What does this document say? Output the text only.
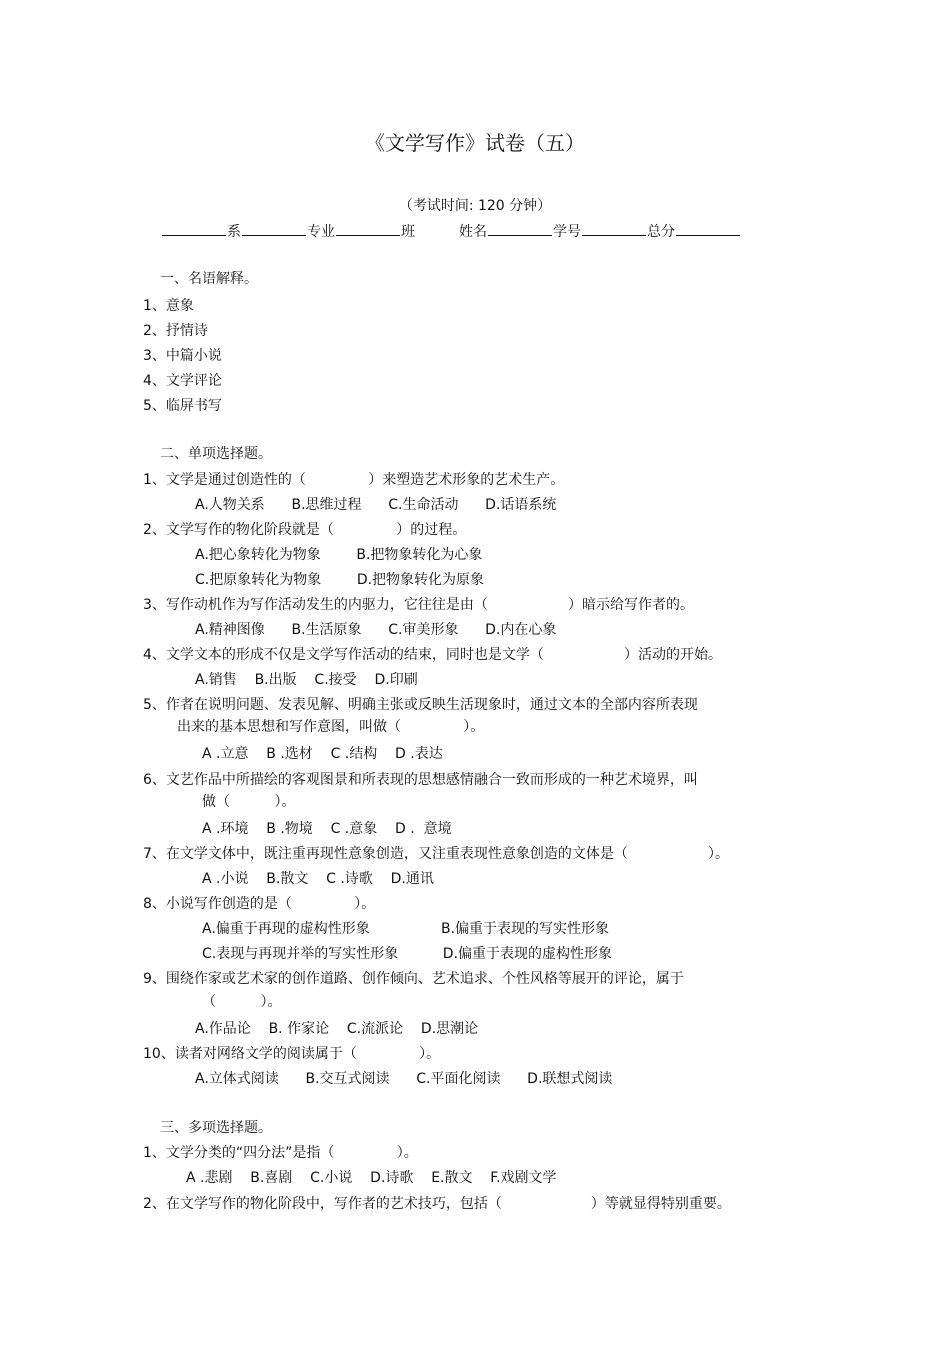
《文学写作》试卷（五）
（考试时间: 120 分钟）
系	专业	班	姓名	学号	总分
一、名语解释。
1、意象
2、抒情诗
3、中篇小说
4、文学评论
5、临屏书写
二、单项选择题。
1、文学是通过创造性的（              ）来塑造艺术形象的艺术生产。
A.人物关系      B.思维过程      C.生命活动      D.话语系统
2、文学写作的物化阶段就是（              ）的过程。
A.把心象转化为物象        B.把物象转化为心象
C.把原象转化为物象        D.把物象转化为原象
3、写作动机作为写作活动发生的内驱力，它往往是由（                  ）暗示给写作者的。
A.精神图像      B.生活原象      C.审美形象      D.内在心象
4、文学文本的形成不仅是文学写作活动的结束，同时也是文学（                  ）活动的开始。
A.销售    B.出版    C.接受    D.印刷
5、作者在说明问题、发表见解、明确主张或反映生活现象时，通过文本的全部内容所表现
出来的基本思想和写作意图，叫做（              ）。
A .立意    B .选材    C .结构    D .表达
6、文艺作品中所描绘的客观图景和所表现的思想感情融合一致而形成的一种艺术境界，叫
做（          ）。
A .环境    B .物境    C .意象    D .  意境
7、在文学文体中，既注重再现性意象创造，又注重表现性意象创造的文体是（                  ）。
A .小说    B.散文    C .诗歌    D.通讯
8、小说写作创造的是（              ）。
A.偏重于再现的虚构性形象                B.偏重于表现的写实性形象
C.表现与再现并举的写实性形象          D.偏重于表现的虚构性形象
9、围绕作家或艺术家的创作道路、创作倾向、艺术追求、个性风格等展开的评论，属于
（          ）。
A.作品论    B. 作家论    C.流派论    D.思潮论
10、读者对网络文学的阅读属于（              ）。
A.立体式阅读      B.交互式阅读      C.平面化阅读      D.联想式阅读
三、多项选择题。
1、文学分类的“四分法”是指（              ）。
A .悲剧    B.喜剧    C.小说    D.诗歌    E.散文    F.戏剧文学
2、在文学写作的物化阶段中，写作者的艺术技巧，包括（                    ）等就显得特别重要。
